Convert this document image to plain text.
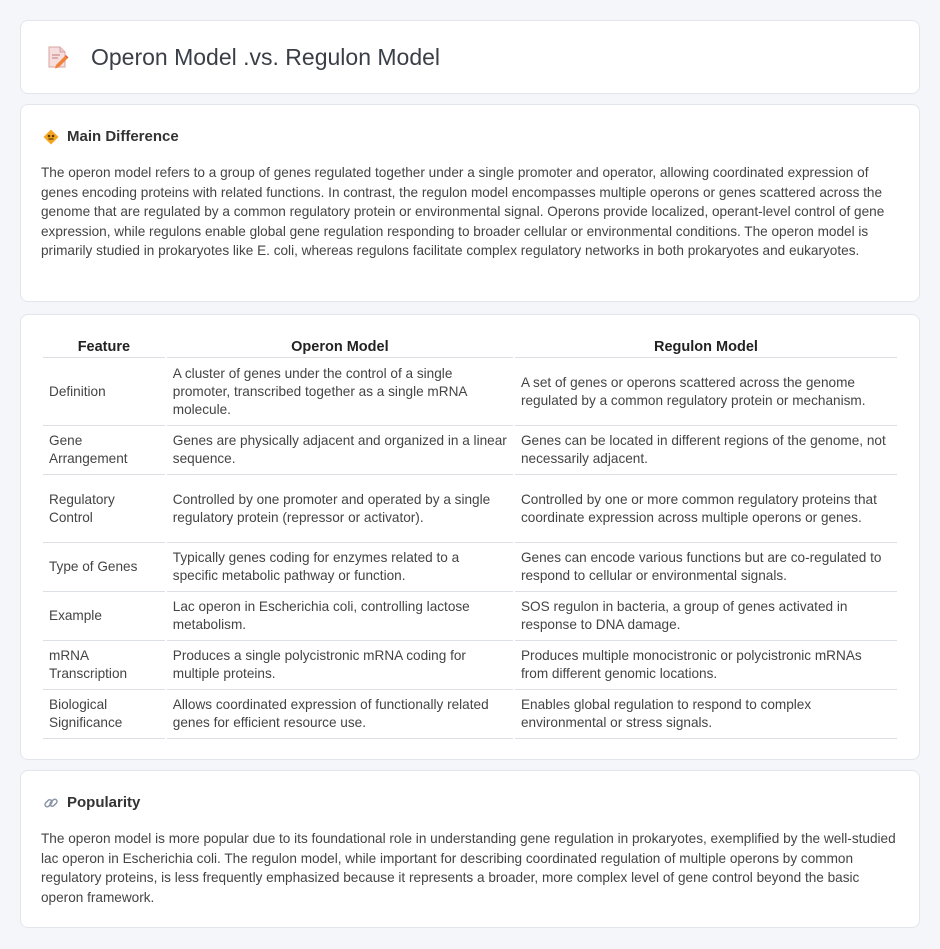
Operon Model .vs. Regulon Model
Main Difference

The operon model refers to a group of genes regulated together under a single promoter and operator, allowing coordinated expression of genes encoding proteins with related functions. In contrast, the regulon model encompasses multiple operons or genes scattered across the genome that are regulated by a common regulatory protein or environmental signal. Operons provide localized, operant-level control of gene expression, while regulons enable global gene regulation responding to broader cellular or environmental conditions. The operon model is primarily studied in prokaryotes like E. coli, whereas regulons facilitate complex regulatory networks in both prokaryotes and eukaryotes.

Feature	Operon Model	Regulon Model
Definition	A cluster of genes under the control of a single promoter, transcribed together as a single mRNA molecule.	A set of genes or operons scattered across the genome regulated by a common regulatory protein or mechanism.
Gene Arrangement	Genes are physically adjacent and organized in a linear sequence.	Genes can be located in different regions of the genome, not necessarily adjacent.
Regulatory Control	Controlled by one promoter and operated by a single regulatory protein (repressor or activator).	Controlled by one or more common regulatory proteins that coordinate expression across multiple operons or genes.
Type of Genes	Typically genes coding for enzymes related to a specific metabolic pathway or function.	Genes can encode various functions but are co-regulated to respond to cellular or environmental signals.
Example	Lac operon in Escherichia coli, controlling lactose metabolism.	SOS regulon in bacteria, a group of genes activated in response to DNA damage.
mRNA Transcription	Produces a single polycistronic mRNA coding for multiple proteins.	Produces multiple monocistronic or polycistronic mRNAs from different genomic locations.
Biological Significance	Allows coordinated expression of functionally related genes for efficient resource use.	Enables global regulation to respond to complex environmental or stress signals.
Popularity

The operon model is more popular due to its foundational role in understanding gene regulation in prokaryotes, exemplified by the well-studied lac operon in Escherichia coli. The regulon model, while important for describing coordinated regulation of multiple operons by common regulatory proteins, is less frequently emphasized because it represents a broader, more complex level of gene control beyond the basic operon framework.
